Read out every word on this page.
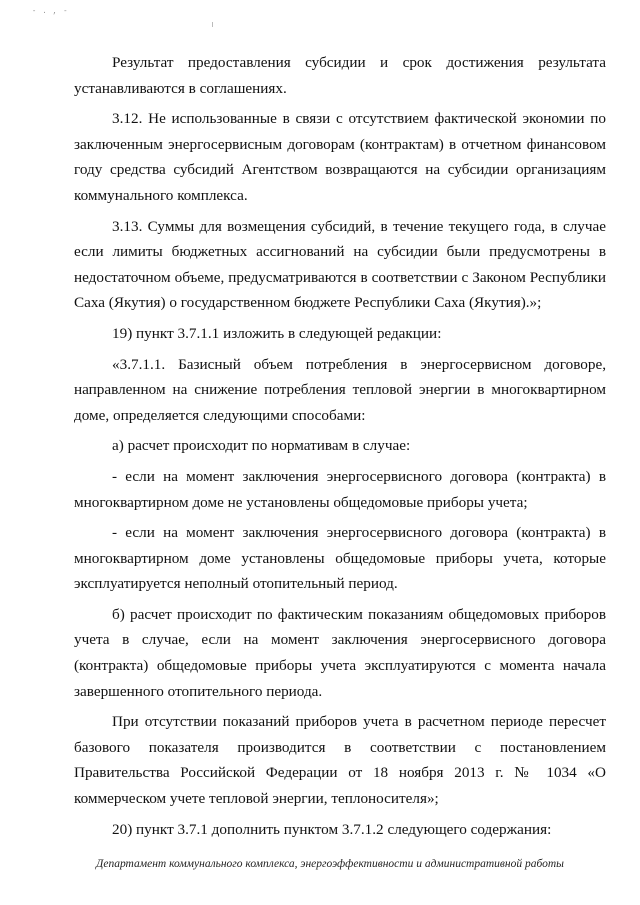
- . , -

Результат предоставления субсидии и срок достижения результата устанавливаются в соглашениях.

3.12. Не использованные в связи с отсутствием фактической экономии по заключенным энергосервисным договорам (контрактам) в отчетном финансовом году средства субсидий Агентством возвращаются на субсидии организациям коммунального комплекса.

3.13. Суммы для возмещения субсидий, в течение текущего года, в случае если лимиты бюджетных ассигнований на субсидии были предусмотрены в недостаточном объеме, предусматриваются в соответствии с Законом Республики Саха (Якутия) о государственном бюджете Республики Саха (Якутия).»;

19) пункт 3.7.1.1 изложить в следующей редакции:

«3.7.1.1. Базисный объем потребления в энергосервисном договоре, направленном на снижение потребления тепловой энергии в многоквартирном доме, определяется следующими способами:

а) расчет происходит по нормативам в случае:

- если на момент заключения энергосервисного договора (контракта) в многоквартирном доме не установлены общедомовые приборы учета;

- если на момент заключения энергосервисного договора (контракта) в многоквартирном доме установлены общедомовые приборы учета, которые эксплуатируется неполный отопительный период.

б) расчет происходит по фактическим показаниям общедомовых приборов учета в случае, если на момент заключения энергосервисного договора (контракта) общедомовые приборы учета эксплуатируются с момента начала завершенного отопительного периода.

При отсутствии показаний приборов учета в расчетном периоде пересчет базового показателя производится в соответствии с постановлением Правительства Российской Федерации от 18 ноября 2013 г. № 1034 «О коммерческом учете тепловой энергии, теплоносителя»;

20) пункт 3.7.1 дополнить пунктом 3.7.1.2 следующего содержания:

Департамент коммунального комплекса, энергоэффективности и административной работы
